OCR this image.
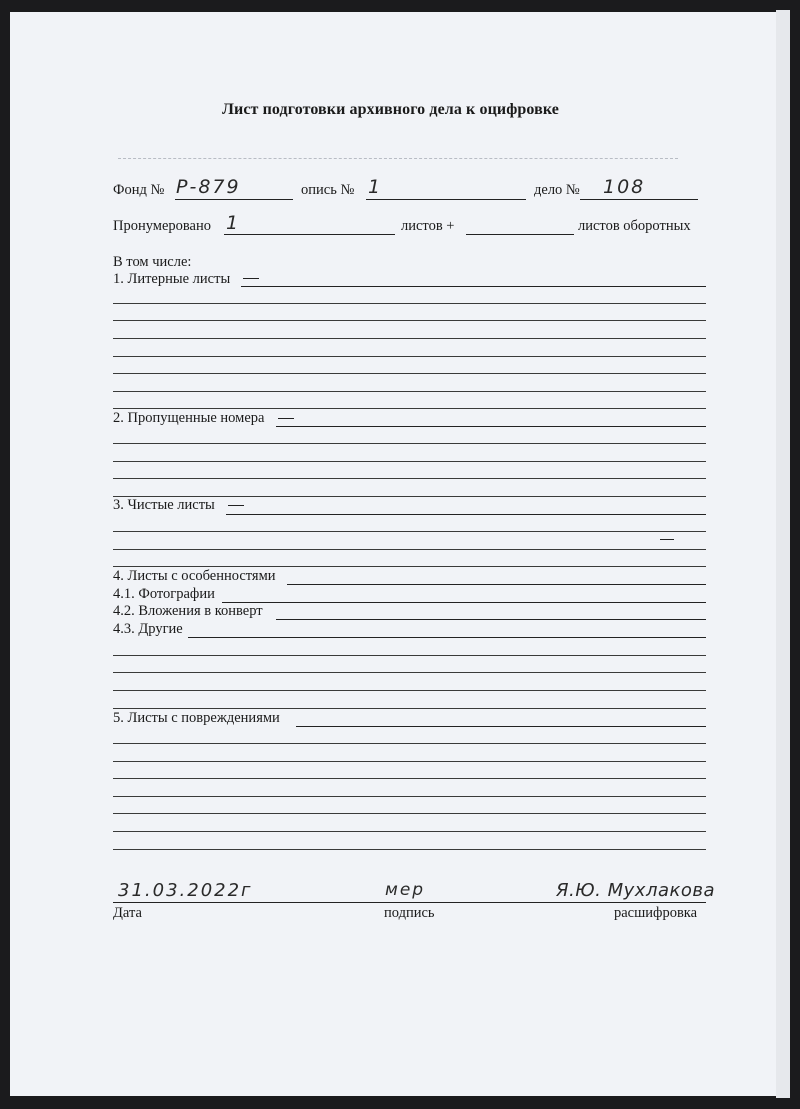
Лист подготовки архивного дела к оцифровке
Фонд № Р-879	опись № 1	дело № 108
Пронумеровано 1	листов +	листов оборотных
В том числе:
1. Литерные листы
2. Пропущенные номера
3. Чистые листы
4. Листы с особенностями
4.1. Фотографии
4.2. Вложения в конверт
4.3. Другие
5. Листы с повреждениями
31.03.2022г	мер	Я.Ю. Мухлакова
Дата	подпись	расшифровка
